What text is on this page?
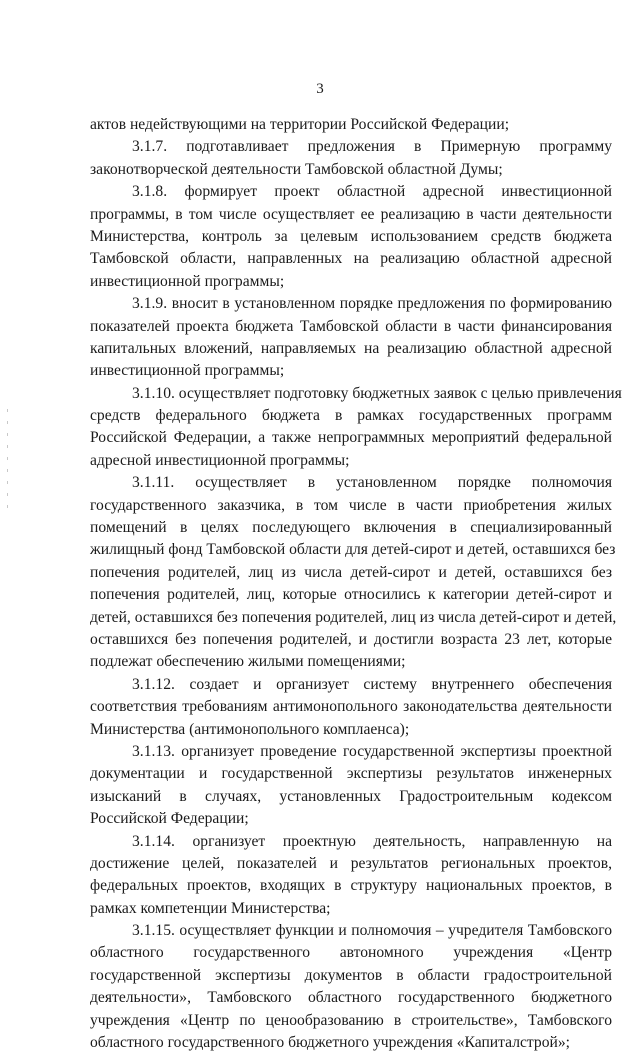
3
актов недействующими на территории Российской Федерации;
3.1.7. подготавливает предложения в Примерную программу
законотворческой деятельности Тамбовской областной Думы;
3.1.8. формирует проект областной адресной инвестиционной
программы, в том числе осуществляет ее реализацию в части деятельности
Министерства, контроль за целевым использованием средств бюджета
Тамбовской области, направленных на реализацию областной адресной
инвестиционной программы;
3.1.9. вносит в установленном порядке предложения по формированию
показателей проекта бюджета Тамбовской области в части финансирования
капитальных вложений, направляемых на реализацию областной адресной
инвестиционной программы;
3.1.10. осуществляет подготовку бюджетных заявок с целью привлечения
средств федерального бюджета в рамках государственных программ
Российской Федерации, а также непрограммных мероприятий федеральной
адресной инвестиционной программы;
3.1.11. осуществляет в установленном порядке полномочия
государственного заказчика, в том числе в части приобретения жилых
помещений в целях последующего включения в специализированный
жилищный фонд Тамбовской области для детей-сирот и детей, оставшихся без
попечения родителей, лиц из числа детей-сирот и детей, оставшихся без
попечения родителей, лиц, которые относились к категории детей-сирот и
детей, оставшихся без попечения родителей, лиц из числа детей-сирот и детей,
оставшихся без попечения родителей, и достигли возраста 23 лет, которые
подлежат обеспечению жилыми помещениями;
3.1.12. создает и организует систему внутреннего обеспечения
соответствия требованиям антимонопольного законодательства деятельности
Министерства (антимонопольного комплаенса);
3.1.13. организует проведение государственной экспертизы проектной
документации и государственной экспертизы результатов инженерных
изысканий в случаях, установленных Градостроительным кодексом
Российской Федерации;
3.1.14. организует проектную деятельность, направленную на
достижение целей, показателей и результатов региональных проектов,
федеральных проектов, входящих в структуру национальных проектов, в
рамках компетенции Министерства;
3.1.15. осуществляет функции и полномочия – учредителя Тамбовского
областного государственного автономного учреждения «Центр
государственной экспертизы документов в области градостроительной
деятельности», Тамбовского областного государственного бюджетного
учреждения «Центр по ценообразованию в строительстве», Тамбовского
областного государственного бюджетного учреждения «Капиталстрой»;
